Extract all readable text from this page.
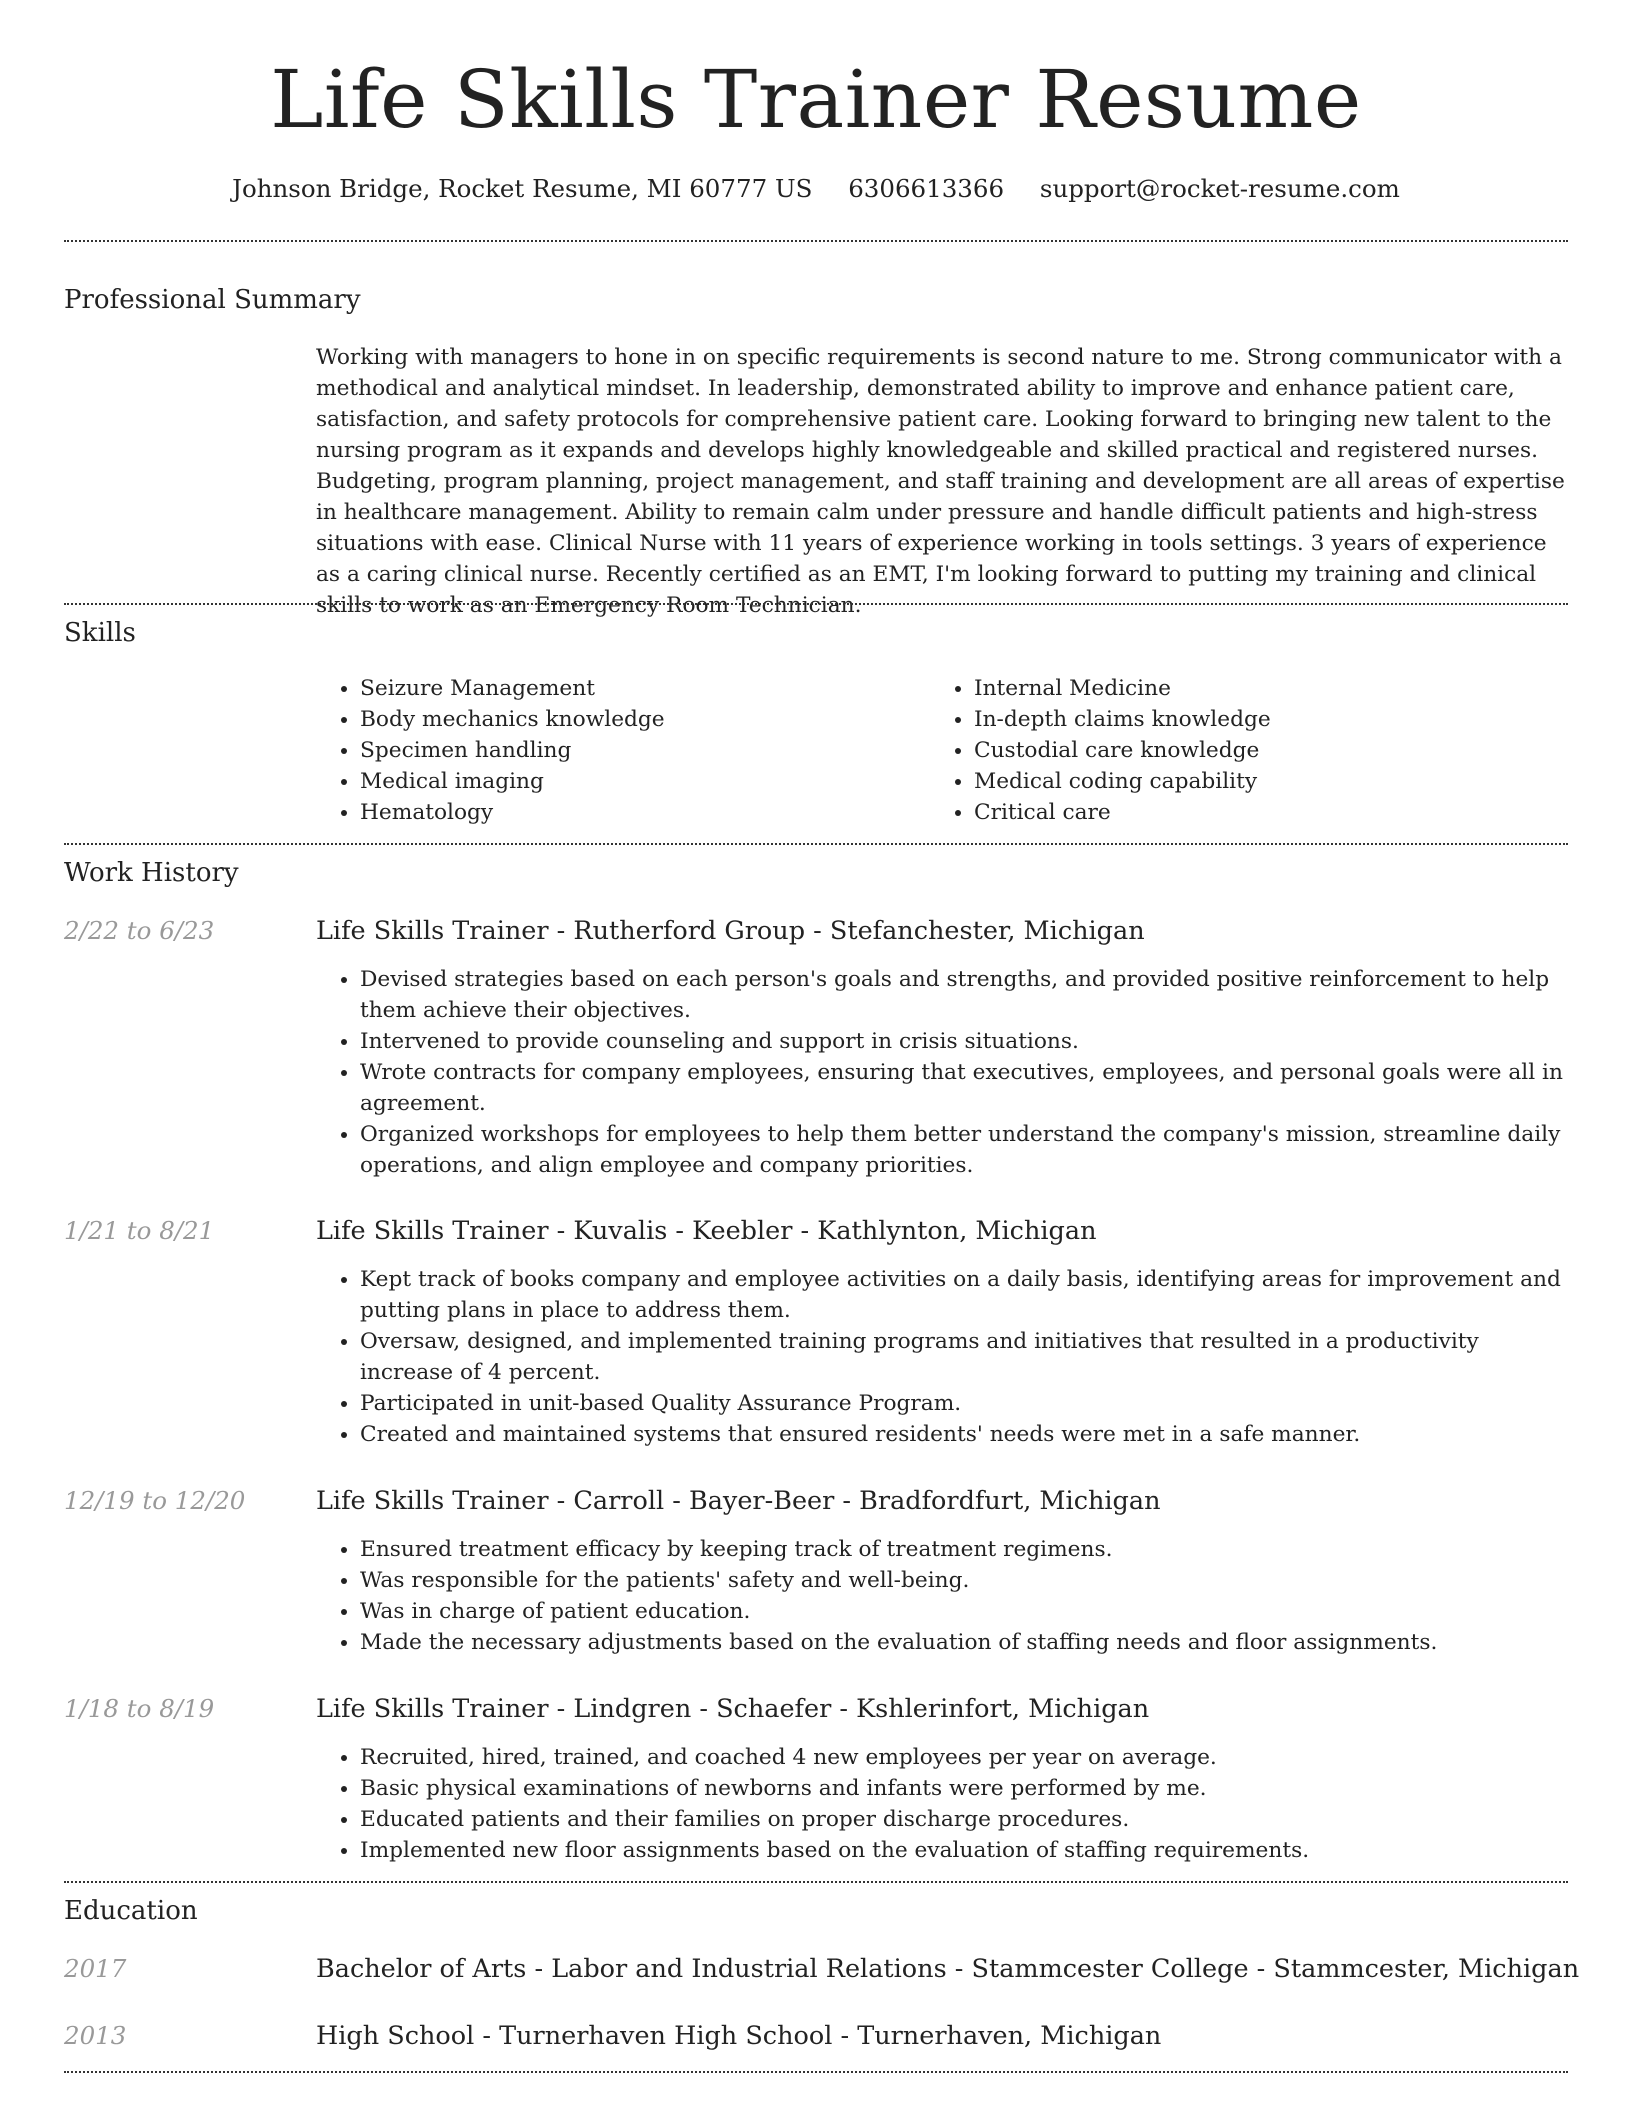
Life Skills Trainer Resume
Johnson Bridge, Rocket Resume, MI 60777 US 6306613366 support@rocket-resume.com
Professional Summary

Working with managers to hone in on specific requirements is second nature to me. Strong communicator with a methodical and analytical mindset. In leadership, demonstrated ability to improve and enhance patient care, satisfaction, and safety protocols for comprehensive patient care. Looking forward to bringing new talent to the nursing program as it expands and develops highly knowledgeable and skilled practical and registered nurses. Budgeting, program planning, project management, and staff training and development are all areas of expertise in healthcare management. Ability to remain calm under pressure and handle difficult patients and high-stress situations with ease. Clinical Nurse with 11 years of experience working in tools settings. 3 years of experience as a caring clinical nurse. Recently certified as an EMT, I'm looking forward to putting my training and clinical skills to work as an Emergency Room Technician.

Skills
• Seizure Management
• Body mechanics knowledge
• Specimen handling
• Medical imaging
• Hematology
• Internal Medicine
• In-depth claims knowledge
• Custodial care knowledge
• Medical coding capability
• Critical care
Work History
2/22 to 6/23	Life Skills Trainer - Rutherford Group - Stefanchester, Michigan
• Devised strategies based on each person's goals and strengths, and provided positive reinforcement to help them achieve their objectives.
• Intervened to provide counseling and support in crisis situations.
• Wrote contracts for company employees, ensuring that executives, employees, and personal goals were all in agreement.
• Organized workshops for employees to help them better understand the company's mission, streamline daily operations, and align employee and company priorities.
1/21 to 8/21	Life Skills Trainer - Kuvalis - Keebler - Kathlynton, Michigan
• Kept track of books company and employee activities on a daily basis, identifying areas for improvement and putting plans in place to address them.
• Oversaw, designed, and implemented training programs and initiatives that resulted in a productivity increase of 4 percent.
• Participated in unit-based Quality Assurance Program.
• Created and maintained systems that ensured residents' needs were met in a safe manner.
12/19 to 12/20	Life Skills Trainer - Carroll - Bayer-Beer - Bradfordfurt, Michigan
• Ensured treatment efficacy by keeping track of treatment regimens.
• Was responsible for the patients' safety and well-being.
• Was in charge of patient education.
• Made the necessary adjustments based on the evaluation of staffing needs and floor assignments.
1/18 to 8/19	Life Skills Trainer - Lindgren - Schaefer - Kshlerinfort, Michigan
• Recruited, hired, trained, and coached 4 new employees per year on average.
• Basic physical examinations of newborns and infants were performed by me.
• Educated patients and their families on proper discharge procedures.
• Implemented new floor assignments based on the evaluation of staffing requirements.
Education
2017	Bachelor of Arts - Labor and Industrial Relations - Stammcester College - Stammcester, Michigan
2013	High School - Turnerhaven High School - Turnerhaven, Michigan
